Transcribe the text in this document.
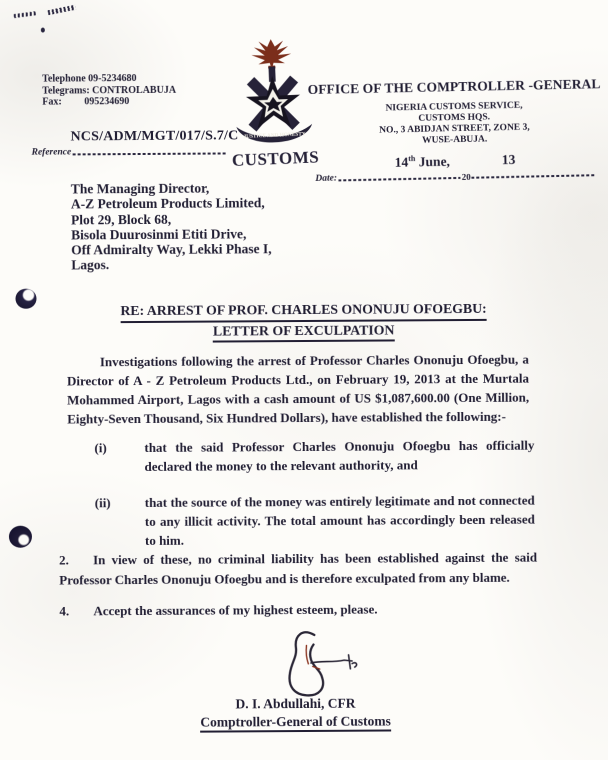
Telephone 09-5234680
Telegrams: CONTROLABUJA
Fax: 095234690
NCS/ADM/MGT/017/S.7/C
Reference
JUSTICE AND HONESTY
CUSTOMS
OFFICE OF THE COMPTROLLER -GENERAL
NIGERIA CUSTOMS SERVICE,
CUSTOMS HQS.
NO., 3 ABIDJAN STREET, ZONE 3,
WUSE-ABUJA.
14th June,	13
Date:	20
The Managing Director,
A-Z Petroleum Products Limited,
Plot 29, Block 68,
Bisola Duurosinmi Etiti Drive,
Off Admiralty Way, Lekki Phase I,
Lagos.
RE: ARREST OF PROF. CHARLES ONONUJU OFOEGBU:
LETTER OF EXCULPATION

Investigations following the arrest of Professor Charles Ononuju Ofoegbu, a Director of A - Z Petroleum Products Ltd., on February 19, 2013 at the Murtala Mohammed Airport, Lagos with a cash amount of US $1,087,600.00 (One Million, Eighty-Seven Thousand, Six Hundred Dollars), have established the following:-

(i)	that the said Professor Charles Ononuju Ofoegbu has officially declared the money to the relevant authority, and
(ii)	that the source of the money was entirely legitimate and not connected to any illicit activity. The total amount has accordingly been released to him.
2. In view of these, no criminal liability has been established against the said Professor Charles Ononuju Ofoegbu and is therefore exculpated from any blame.
4. Accept the assurances of my highest esteem, please.
D. I. Abdullahi, CFR
Comptroller-General of Customs
